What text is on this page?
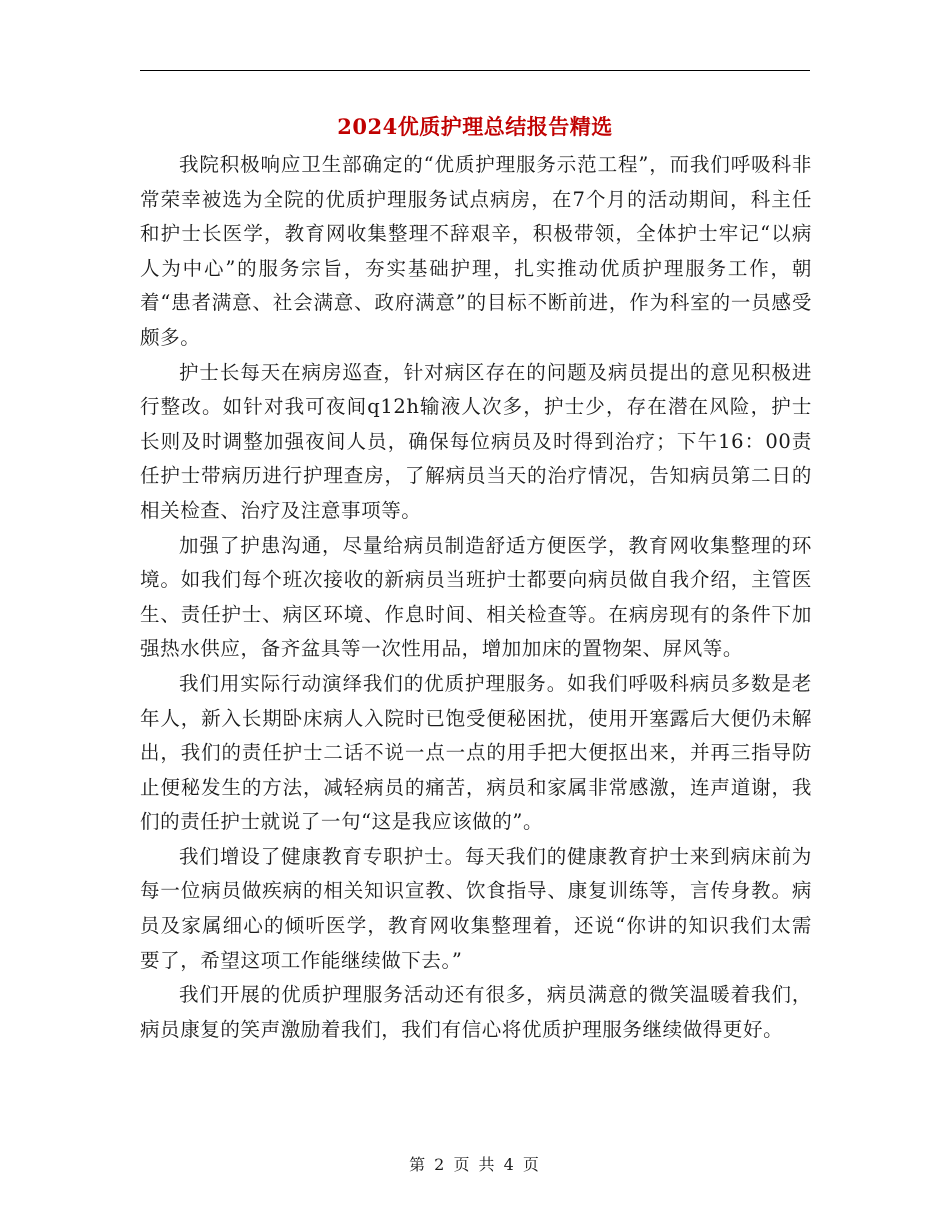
2024优质护理总结报告精选

我院积极响应卫生部确定的“优质护理服务示范工程”，而我们呼吸科非常荣幸被选为全院的优质护理服务试点病房，在7个月的活动期间，科主任和护士长医学，教育网收集整理不辞艰辛，积极带领，全体护士牢记“以病人为中心”的服务宗旨，夯实基础护理，扎实推动优质护理服务工作，朝着“患者满意、社会满意、政府满意”的目标不断前进，作为科室的一员感受颇多。

护士长每天在病房巡查，针对病区存在的问题及病员提出的意见积极进行整改。如针对我可夜间q12h输液人次多，护士少，存在潜在风险，护士长则及时调整加强夜间人员，确保每位病员及时得到治疗；下午16：00责任护士带病历进行护理查房，了解病员当天的治疗情况，告知病员第二日的相关检查、治疗及注意事项等。

加强了护患沟通，尽量给病员制造舒适方便医学，教育网收集整理的环境。如我们每个班次接收的新病员当班护士都要向病员做自我介绍，主管医生、责任护士、病区环境、作息时间、相关检查等。在病房现有的条件下加强热水供应，备齐盆具等一次性用品，增加加床的置物架、屏风等。

我们用实际行动演绎我们的优质护理服务。如我们呼吸科病员多数是老年人，新入长期卧床病人入院时已饱受便秘困扰，使用开塞露后大便仍未解出，我们的责任护士二话不说一点一点的用手把大便抠出来，并再三指导防止便秘发生的方法，减轻病员的痛苦，病员和家属非常感激，连声道谢，我们的责任护士就说了一句“这是我应该做的”。

我们增设了健康教育专职护士。每天我们的健康教育护士来到病床前为每一位病员做疾病的相关知识宣教、饮食指导、康复训练等，言传身教。病员及家属细心的倾听医学，教育网收集整理着，还说“你讲的知识我们太需要了，希望这项工作能继续做下去。”

我们开展的优质护理服务活动还有很多，病员满意的微笑温暖着我们，病员康复的笑声激励着我们，我们有信心将优质护理服务继续做得更好。

第 2 页 共 4 页
